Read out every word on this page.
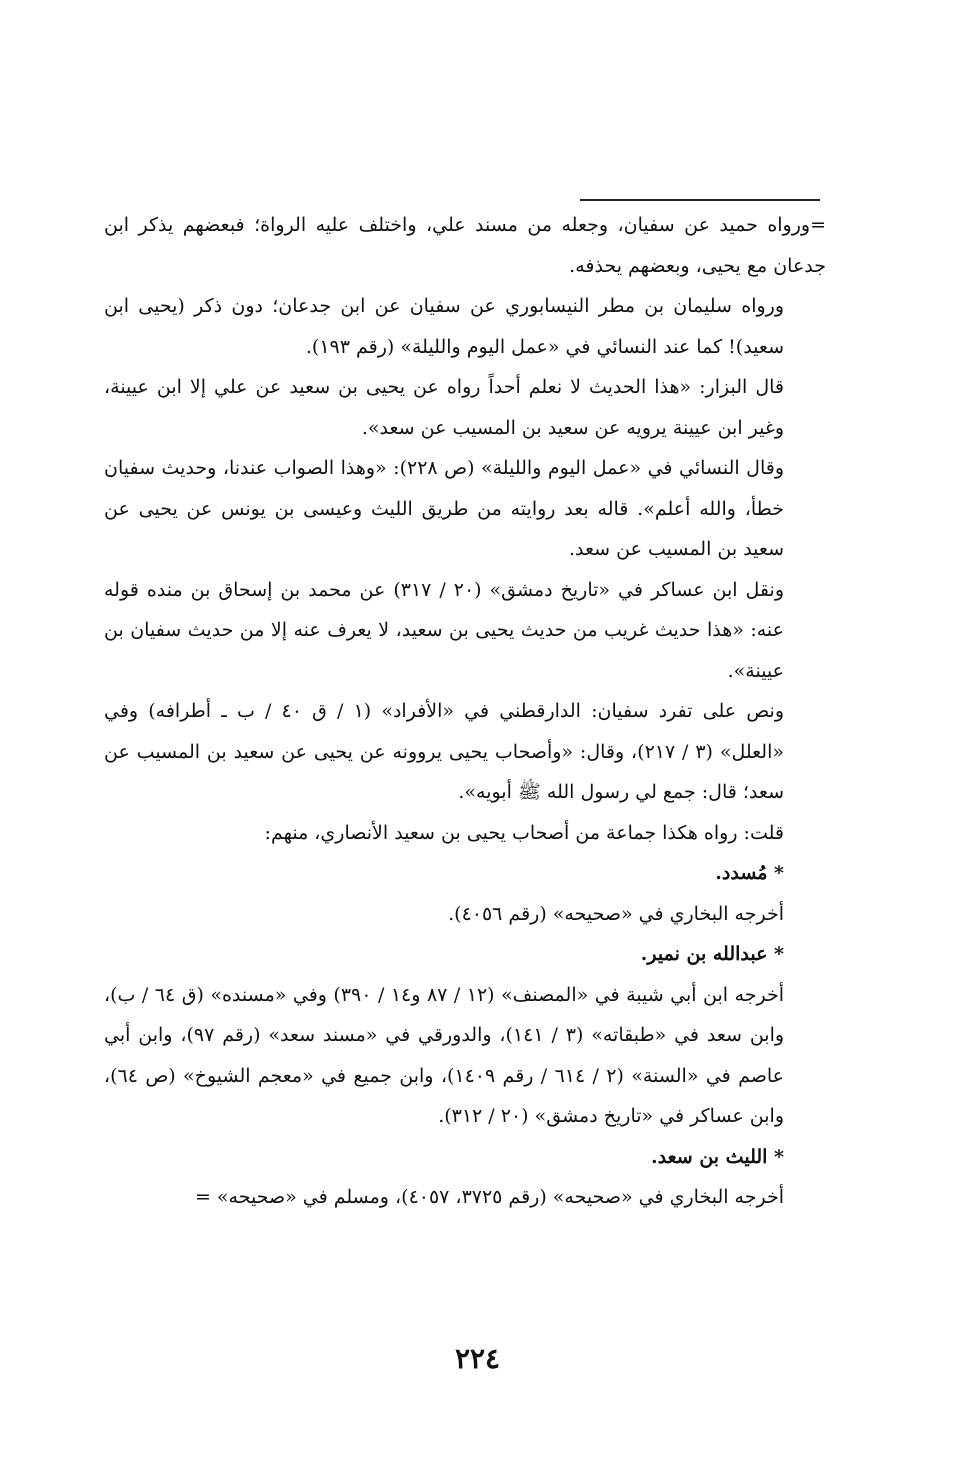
=ورواه حميد عن سفيان، وجعله من مسند علي، واختلف عليه الرواة؛ فبعضهم يذكر ابن جدعان مع يحيى، وبعضهم يحذفه.

ورواه سليمان بن مطر النيسابوري عن سفيان عن ابن جدعان؛ دون ذكر (يحيى ابن سعيد)! كما عند النسائي في «عمل اليوم والليلة» (رقم ١٩٣).

قال البزار: «هذا الحديث لا نعلم أحداً رواه عن يحيى بن سعيد عن علي إلا ابن عيينة، وغير ابن عيينة يرويه عن سعيد بن المسيب عن سعد».

وقال النسائي في «عمل اليوم والليلة» (ص ٢٢٨): «وهذا الصواب عندنا، وحديث سفيان خطأ، والله أعلم». قاله بعد روايته من طريق الليث وعيسى بن يونس عن يحيى عن سعيد بن المسيب عن سعد.

ونقل ابن عساكر في «تاريخ دمشق» (٢٠ / ٣١٧) عن محمد بن إسحاق بن منده قوله عنه: «هذا حديث غريب من حديث يحيى بن سعيد، لا يعرف عنه إلا من حديث سفيان بن عيينة».

ونص على تفرد سفيان: الدارقطني في «الأفراد» (١ / ق ٤٠ / ب ـ أطرافه) وفي «العلل» (٣ / ٢١٧)، وقال: «وأصحاب يحيى يروونه عن يحيى عن سعيد بن المسيب عن سعد؛ قال: جمع لي رسول الله ﷺ أبويه».

قلت: رواه هكذا جماعة من أصحاب يحيى بن سعيد الأنصاري، منهم:

* مُسدد.

أخرجه البخاري في «صحيحه» (رقم ٤٠٥٦).

* عبدالله بن نمير.

أخرجه ابن أبي شيبة في «المصنف» (١٢ / ٨٧ و١٤ / ٣٩٠) وفي «مسنده» (ق ٦٤ / ب)، وابن سعد في «طبقاته» (٣ / ١٤١)، والدورقي في «مسند سعد» (رقم ٩٧)، وابن أبي عاصم في «السنة» (٢ / ٦١٤ / رقم ١٤٠٩)، وابن جميع في «معجم الشيوخ» (ص ٦٤)، وابن عساكر في «تاريخ دمشق» (٢٠ / ٣١٢).

* الليث بن سعد.

أخرجه البخاري في «صحيحه» (رقم ٣٧٢٥، ٤٠٥٧)، ومسلم في «صحيحه» =

٢٢٤
